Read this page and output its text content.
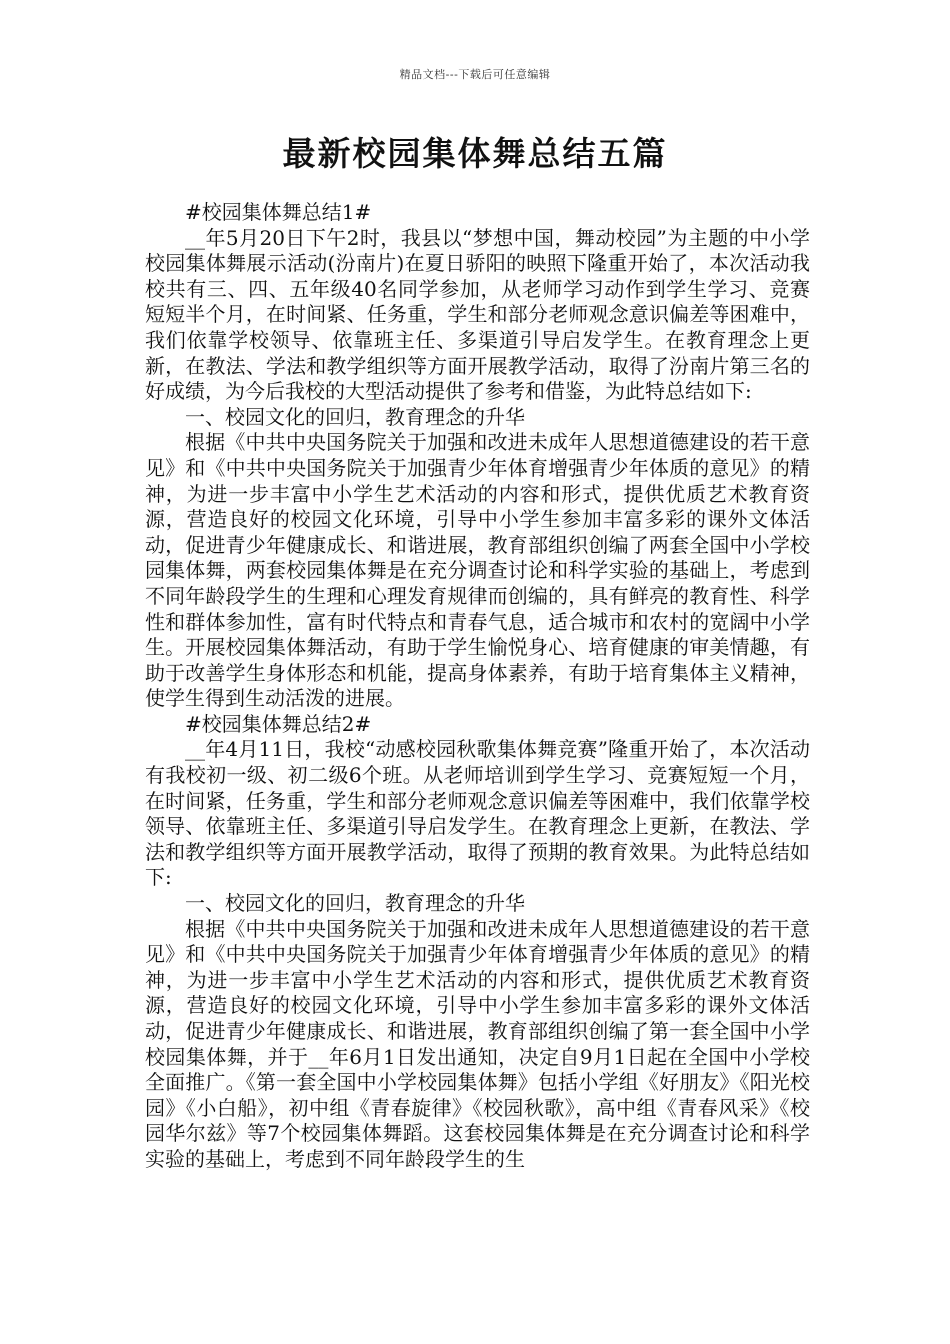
精品文档---下载后可任意编辑
最新校园集体舞总结五篇

#校园集体舞总结1#

__年5月20日下午2时，我县以“梦想中国，舞动校园”为主题的中小学校园集体舞展示活动(汾南片)在夏日骄阳的映照下隆重开始了，本次活动我校共有三、四、五年级40名同学参加，从老师学习动作到学生学习、竞赛短短半个月，在时间紧、任务重，学生和部分老师观念意识偏差等困难中，我们依靠学校领导、依靠班主任、多渠道引导启发学生。在教育理念上更新，在教法、学法和教学组织等方面开展教学活动，取得了汾南片第三名的好成绩，为今后我校的大型活动提供了参考和借鉴，为此特总结如下:

一、校园文化的回归，教育理念的升华

根据《中共中央国务院关于加强和改进未成年人思想道德建设的若干意见》和《中共中央国务院关于加强青少年体育增强青少年体质的意见》的精神，为进一步丰富中小学生艺术活动的内容和形式，提供优质艺术教育资源，营造良好的校园文化环境，引导中小学生参加丰富多彩的课外文体活动，促进青少年健康成长、和谐进展，教育部组织创编了两套全国中小学校园集体舞，两套校园集体舞是在充分调查讨论和科学实验的基础上，考虑到不同年龄段学生的生理和心理发育规律而创编的，具有鲜亮的教育性、科学性和群体参加性，富有时代特点和青春气息，适合城市和农村的宽阔中小学生。开展校园集体舞活动，有助于学生愉悦身心、培育健康的审美情趣，有助于改善学生身体形态和机能，提高身体素养，有助于培育集体主义精神，使学生得到生动活泼的进展。

#校园集体舞总结2#

__年4月11日，我校“动感校园秋歌集体舞竞赛”隆重开始了，本次活动有我校初一级、初二级6个班。从老师培训到学生学习、竞赛短短一个月，在时间紧，任务重，学生和部分老师观念意识偏差等困难中，我们依靠学校领导、依靠班主任、多渠道引导启发学生。在教育理念上更新，在教法、学法和教学组织等方面开展教学活动，取得了预期的教育效果。为此特总结如下:

一、校园文化的回归，教育理念的升华

根据《中共中央国务院关于加强和改进未成年人思想道德建设的若干意见》和《中共中央国务院关于加强青少年体育增强青少年体质的意见》的精神，为进一步丰富中小学生艺术活动的内容和形式，提供优质艺术教育资源，营造良好的校园文化环境，引导中小学生参加丰富多彩的课外文体活动，促进青少年健康成长、和谐进展，教育部组织创编了第一套全国中小学校园集体舞，并于__年6月1日发出通知，决定自9月1日起在全国中小学校全面推广。《第一套全国中小学校园集体舞》包括小学组《好朋友》《阳光校园》《小白船》，初中组《青春旋律》《校园秋歌》，高中组《青春风采》《校园华尔兹》等7个校园集体舞蹈。这套校园集体舞是在充分调查讨论和科学实验的基础上，考虑到不同年龄段学生的生
